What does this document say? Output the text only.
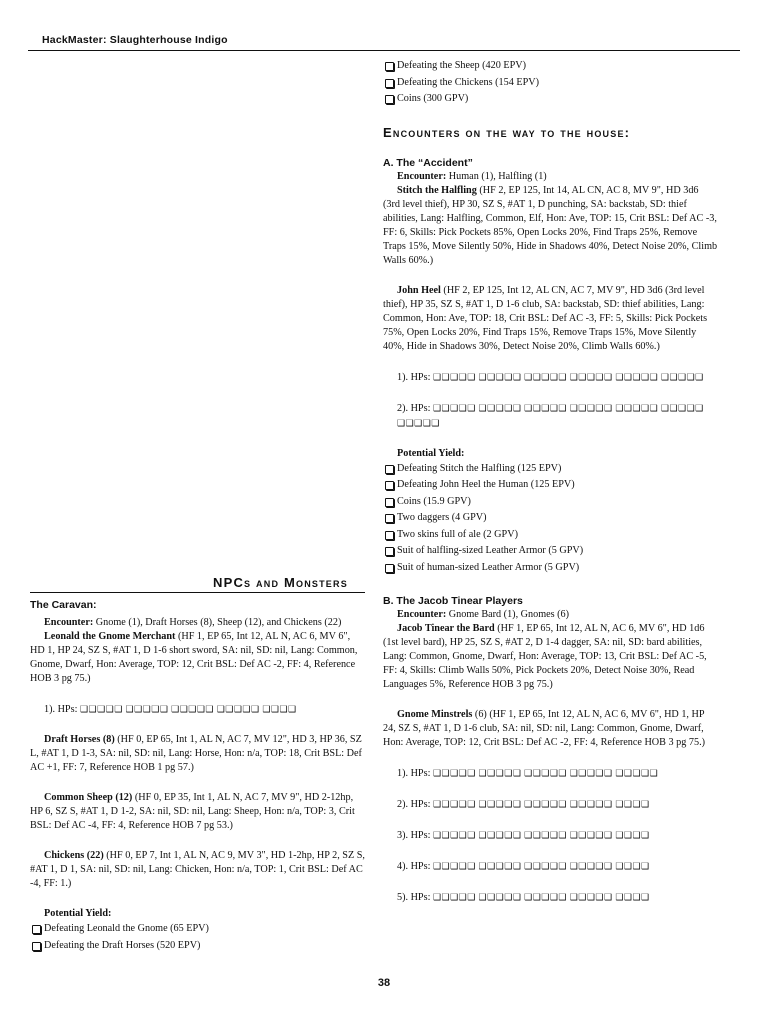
HackMaster: Slaughterhouse Indigo
Defeating the Sheep (420 EPV)
Defeating the Chickens (154 EPV)
Coins (300 GPV)
Encounters on the way to the house:
A. The “Accident”

Encounter: Human (1), Halfling (1)

Stitch the Halfling (HF 2, EP 125, Int 14, AL CN, AC 8, MV 9", HD 3d6 (3rd level thief), HP 30, SZ S, #AT 1, D punching, SA: backstab, SD: thief abilities, Lang: Halfling, Common, Elf, Hon: Ave, TOP: 15, Crit BSL: Def AC -3, FF: 6, Skills: Pick Pockets 85%, Open Locks 20%, Find Traps 25%, Remove Traps 15%, Move Silently 50%, Hide in Shadows 40%, Detect Noise 20%, Climb Walls 60%.)

John Heel (HF 2, EP 125, Int 12, AL CN, AC 7, MV 9", HD 3d6 (3rd level thief), HP 35, SZ S, #AT 1, D 1-6 club, SA: backstab, SD: thief abilities, Lang: Common, Hon: Ave, TOP: 18, Crit BSL: Def AC -3, FF: 5, Skills: Pick Pockets 75%, Open Locks 20%, Find Traps 15%, Remove Traps 15%, Move Silently 40%, Hide in Shadows 30%, Detect Noise 20%, Climb Walls 60%.)

1). HPs: ❑❑❑❑❑ ❑❑❑❑❑ ❑❑❑❑❑ ❑❑❑❑❑ ❑❑❑❑❑ ❑❑❑❑❑
2). HPs: ❑❑❑❑❑ ❑❑❑❑❑ ❑❑❑❑❑ ❑❑❑❑❑ ❑❑❑❑❑ ❑❑❑❑❑ ❑❑❑❑❑

Potential Yield:

Defeating Stitch the Halfling (125 EPV)
Defeating John Heel the Human (125 EPV)
Coins (15.9 GPV)
Two daggers (4 GPV)
Two skins full of ale (2 GPV)
Suit of halfling-sized Leather Armor (5 GPV)
Suit of human-sized Leather Armor (5 GPV)
B. The Jacob Tinear Players

Encounter: Gnome Bard (1), Gnomes (6)

Jacob Tinear the Bard (HF 1, EP 65, Int 12, AL N, AC 6, MV 6", HD 1d6 (1st level bard), HP 25, SZ S, #AT 2, D 1-4 dagger, SA: nil, SD: bard abilities, Lang: Common, Gnome, Dwarf, Hon: Average, TOP: 13, Crit BSL: Def AC -5, FF: 4, Skills: Climb Walls 50%, Pick Pockets 20%, Detect Noise 30%, Read Languages 5%, Reference HOB 3 pg 75.)

Gnome Minstrels (6) (HF 1, EP 65, Int 12, AL N, AC 6, MV 6", HD 1, HP 24, SZ S, #AT 1, D 1-6 club, SA: nil, SD: nil, Lang: Common, Gnome, Dwarf, Hon: Average, TOP: 12, Crit BSL: Def AC -2, FF: 4, Reference HOB 3 pg 75.)

1). HPs: ❑❑❑❑❑ ❑❑❑❑❑ ❑❑❑❑❑ ❑❑❑❑❑ ❑❑❑❑❑
2). HPs: ❑❑❑❑❑ ❑❑❑❑❑ ❑❑❑❑❑ ❑❑❑❑❑ ❑❑❑❑
3). HPs: ❑❑❑❑❑ ❑❑❑❑❑ ❑❑❑❑❑ ❑❑❑❑❑ ❑❑❑❑
4). HPs: ❑❑❑❑❑ ❑❑❑❑❑ ❑❑❑❑❑ ❑❑❑❑❑ ❑❑❑❑
5). HPs: ❑❑❑❑❑ ❑❑❑❑❑ ❑❑❑❑❑ ❑❑❑❑❑ ❑❑❑❑
NPCs and Monsters
The Caravan:

Encounter: Gnome (1), Draft Horses (8), Sheep (12), and Chickens (22)

Leonald the Gnome Merchant (HF 1, EP 65, Int 12, AL N, AC 6, MV 6", HD 1, HP 24, SZ S, #AT 1, D 1-6 short sword, SA: nil, SD: nil, Lang: Common, Gnome, Dwarf, Hon: Average, TOP: 12, Crit BSL: Def AC -2, FF: 4, Reference HOB 3 pg 75.)

1). HPs: ❑❑❑❑❑ ❑❑❑❑❑ ❑❑❑❑❑ ❑❑❑❑❑ ❑❑❑❑

Draft Horses (8) (HF 0, EP 65, Int 1, AL N, AC 7, MV 12", HD 3, HP 36, SZ L, #AT 1, D 1-3, SA: nil, SD: nil, Lang: Horse, Hon: n/a, TOP: 18, Crit BSL: Def AC +1, FF: 7, Reference HOB 1 pg 57.)

Common Sheep (12) (HF 0, EP 35, Int 1, AL N, AC 7, MV 9", HD 2-12hp, HP 6, SZ S, #AT 1, D 1-2, SA: nil, SD: nil, Lang: Sheep, Hon: n/a, TOP: 3, Crit BSL: Def AC -4, FF: 4, Reference HOB 7 pg 53.)

Chickens (22) (HF 0, EP 7, Int 1, AL N, AC 9, MV 3", HD 1-2hp, HP 2, SZ S, #AT 1, D 1, SA: nil, SD: nil, Lang: Chicken, Hon: n/a, TOP: 1, Crit BSL: Def AC -4, FF: 1.)

Potential Yield:

Defeating Leonald the Gnome (65 EPV)
Defeating the Draft Horses (520 EPV)
38
